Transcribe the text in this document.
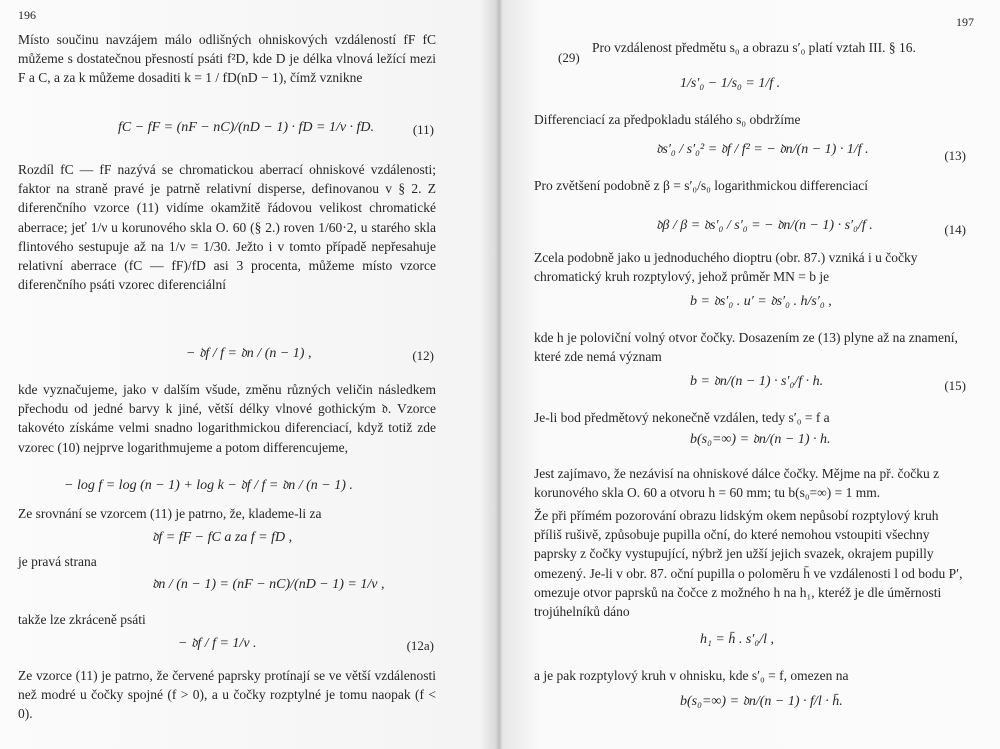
196
Místo součinu navzájem málo odlišných ohniskových vzdáleností fF fC můžeme s dostatečnou přesností psáti f²D, kde D je délka vlnová ležící mezi F a C, a za k můžeme dosaditi k = 1 / fD(nD − 1), čímž vznikne
fC − fF = (nF − nC)/(nD − 1) · fD = 1/ν · fD.	(11)
Rozdíl fC — fF nazývá se chromatickou aberrací ohniskové vzdálenosti; faktor na straně pravé je patrně relativní disperse, definovanou v § 2. Z diferenčního vzorce (11) vidíme okamžitě řádovou velikost chromatické aberrace; jeť 1/ν u korunového skla O. 60 (§ 2.) roven 1/60·2, u starého skla flintového sestupuje až na 1/ν = 1/30. Ježto i v tomto případě nepřesahuje relativní aberrace (fC — fF)/fD asi 3 procenta, můžeme místo vzorce diferenčního psáti vzorec diferenciální
− 𝔡f / f = 𝔡n / (n − 1) ,	(12)
kde vyznačujeme, jako v dalším všude, změnu různých veličin následkem přechodu od jedné barvy k jiné, větší délky vlnové gothickým 𝔡. Vzorce takovéto získáme velmi snadno logarithmickou diferenciací, když totiž zde vzorec (10) nejprve logarithmujeme a potom differencujeme,
− log f = log (n − 1) + log k − 𝔡f / f = 𝔡n / (n − 1) .
Ze srovnání se vzorcem (11) je patrno, že, klademe-li za
𝔡f = fF − fC a za f = fD ,
je pravá strana
𝔡n / (n − 1) = (nF − nC)/(nD − 1) = 1/ν ,
takže lze zkráceně psáti
− 𝔡f / f = 1/ν .	(12a)
Ze vzorce (11) je patrno, že červené paprsky protínají se ve větší vzdálenosti než modré u čočky spojné (f > 0), a u čočky rozptylné je tomu naopak (f < 0).
197
Pro vzdálenost předmětu s₀ a obrazu s′₀ platí vztah III. § 16.
(29)
1/s′₀ − 1/s₀ = 1/f .
Differenciací za předpokladu stálého s₀ obdržíme
𝔡s′₀ / s′₀² = 𝔡f / f² = − 𝔡n/(n − 1) · 1/f .	(13)
Pro zvětšení podobně z β = s′₀/s₀ logarithmickou differenciací
𝔡β / β = 𝔡s′₀ / s′₀ = − 𝔡n/(n − 1) · s′₀/f .	(14)
Zcela podobně jako u jednoduchého dioptru (obr. 87.) vzniká i u čočky chromatický kruh rozptylový, jehož průměr MN = b je
b = 𝔡s′₀ . u′ = 𝔡s′₀ . h/s′₀ ,
kde h je poloviční volný otvor čočky. Dosazením ze (13) plyne až na znamení, které zde nemá význam
b = 𝔡n/(n − 1) · s′₀/f · h.	(15)
Je-li bod předmětový nekonečně vzdálen, tedy s′₀ = f a
b(s₀=∞) = 𝔡n/(n − 1) · h.
Jest zajímavo, že nezávisí na ohniskové dálce čočky. Mějme na př. čočku z korunového skla O. 60 a otvoru h = 60 mm; tu b(s₀=∞) = 1 mm.
Že při přímém pozorování obrazu lidským okem nepůsobí rozptylový kruh příliš rušivě, způsobuje pupilla oční, do které nemohou vstoupiti všechny paprsky z čočky vystupující, nýbrž jen užší jejich svazek, okrajem pupilly omezený. Je-li v obr. 87. oční pupilla o poloměru h̄ ve vzdálenosti l od bodu P′, omezuje otvor paprsků na čočce z možného h na h₁, kteréž je dle úměrnosti trojúhelníků dáno
h₁ = h̄ . s′₀/l ,
a je pak rozptylový kruh v ohnisku, kde s′₀ = f, omezen na
b(s₀=∞) = 𝔡n/(n − 1) · f/l · h̄.
